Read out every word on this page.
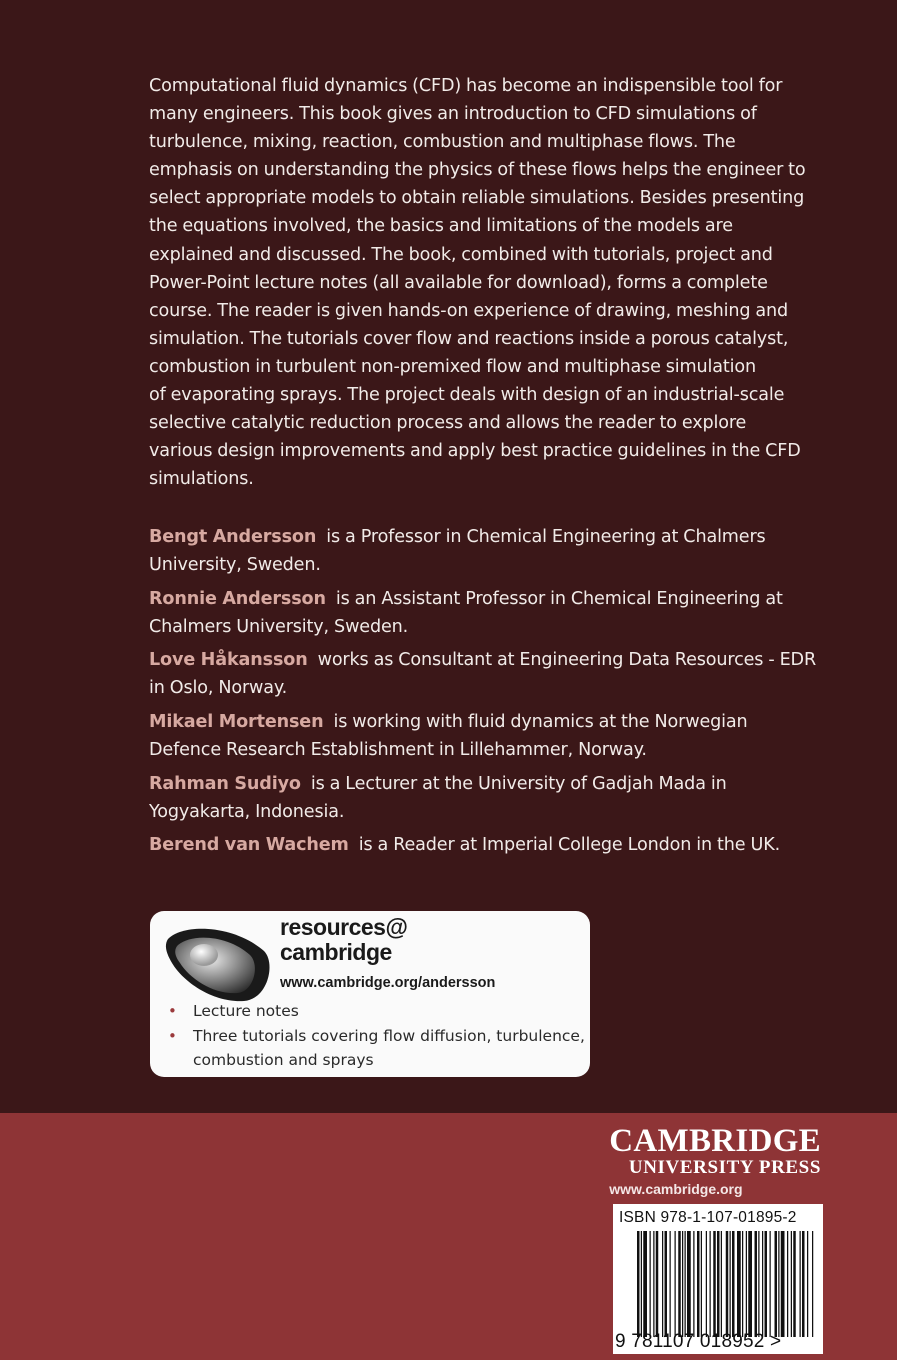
Computational fluid dynamics (CFD) has become an indispensible tool for
many engineers. This book gives an introduction to CFD simulations of
turbulence, mixing, reaction, combustion and multiphase flows. The
emphasis on understanding the physics of these flows helps the engineer to
select appropriate models to obtain reliable simulations. Besides presenting
the equations involved, the basics and limitations of the models are
explained and discussed. The book, combined with tutorials, project and
Power-Point lecture notes (all available for download), forms a complete
course. The reader is given hands-on experience of drawing, meshing and
simulation. The tutorials cover flow and reactions inside a porous catalyst,
combustion in turbulent non-premixed flow and multiphase simulation
of evaporating sprays. The project deals with design of an industrial-scale
selective catalytic reduction process and allows the reader to explore
various design improvements and apply best practice guidelines in the CFD
simulations.
Bengt Andersson is a Professor in Chemical Engineering at Chalmers
University, Sweden.
Ronnie Andersson is an Assistant Professor in Chemical Engineering at
Chalmers University, Sweden.
Love Håkansson works as Consultant at Engineering Data Resources - EDR
in Oslo, Norway.
Mikael Mortensen is working with fluid dynamics at the Norwegian
Defence Research Establishment in Lillehammer, Norway.
Rahman Sudiyo is a Lecturer at the University of Gadjah Mada in
Yogyakarta, Indonesia.
Berend van Wachem is a Reader at Imperial College London in the UK.
resources@
cambridge
www.cambridge.org/andersson
• Lecture notes
• Three tutorials covering flow diffusion, turbulence,
combustion and sprays
CAMBRIDGE
UNIVERSITY PRESS
www.cambridge.org
ISBN 978-1-107-01895-2
9 781107 018952 >
